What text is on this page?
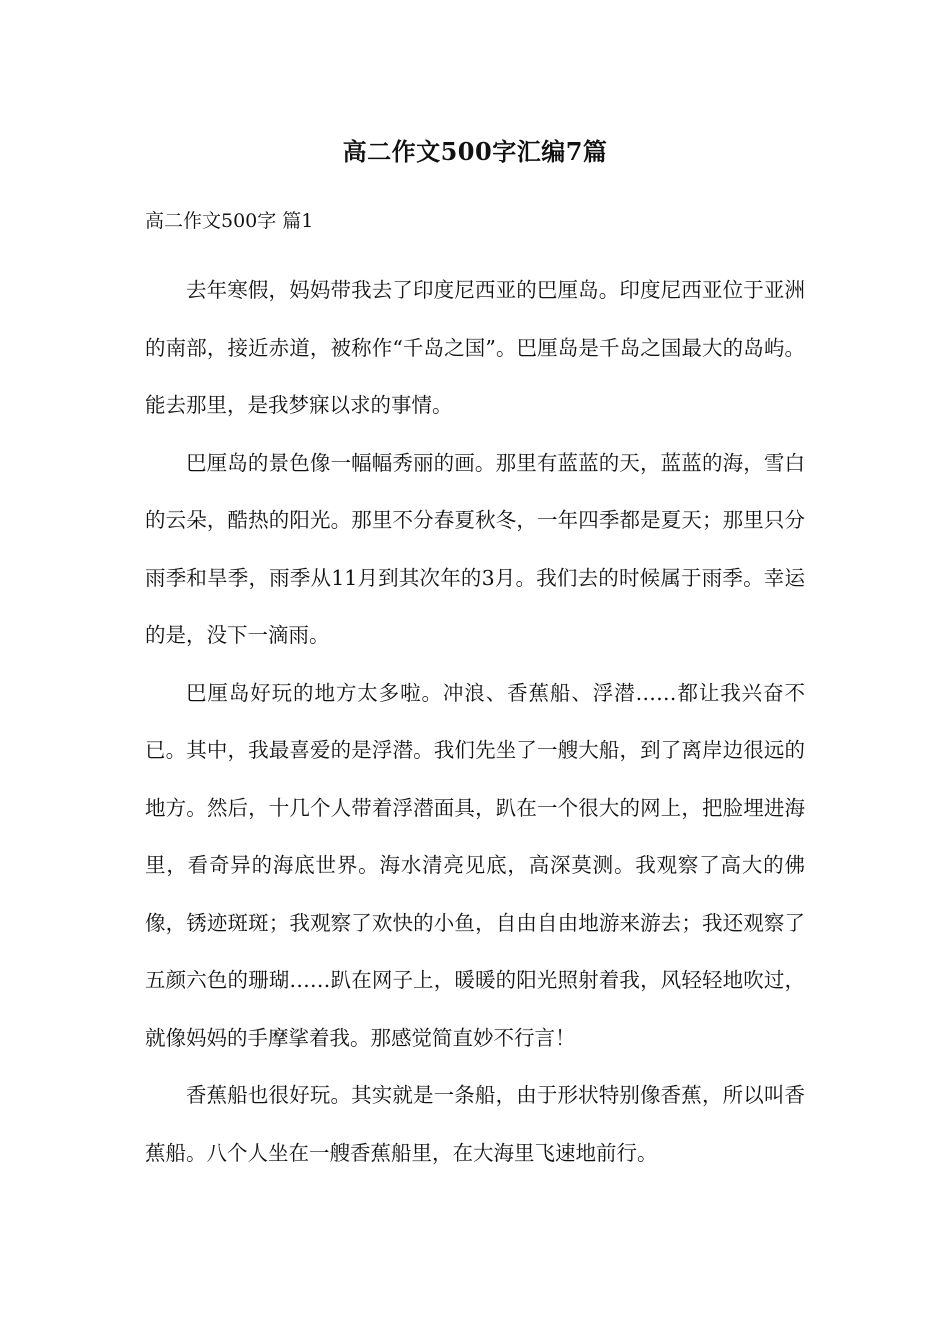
高二作文500字汇编7篇
高二作文500字 篇1

去年寒假，妈妈带我去了印度尼西亚的巴厘岛。印度尼西亚位于亚洲的南部，接近赤道，被称作“千岛之国”。巴厘岛是千岛之国最大的岛屿。能去那里，是我梦寐以求的事情。

巴厘岛的景色像一幅幅秀丽的画。那里有蓝蓝的天，蓝蓝的海，雪白的云朵，酷热的阳光。那里不分春夏秋冬，一年四季都是夏天；那里只分雨季和旱季，雨季从11月到其次年的3月。我们去的时候属于雨季。幸运的是，没下一滴雨。

巴厘岛好玩的地方太多啦。冲浪、香蕉船、浮潜……都让我兴奋不已。其中，我最喜爱的是浮潜。我们先坐了一艘大船，到了离岸边很远的地方。然后，十几个人带着浮潜面具，趴在一个很大的网上，把脸埋进海里，看奇异的海底世界。海水清亮见底，高深莫测。我观察了高大的佛像，锈迹斑斑；我观察了欢快的小鱼，自由自由地游来游去；我还观察了五颜六色的珊瑚……趴在网子上，暖暖的阳光照射着我，风轻轻地吹过，就像妈妈的手摩挲着我。那感觉简直妙不行言！

香蕉船也很好玩。其实就是一条船，由于形状特别像香蕉，所以叫香蕉船。八个人坐在一艘香蕉船里，在大海里飞速地前行。
